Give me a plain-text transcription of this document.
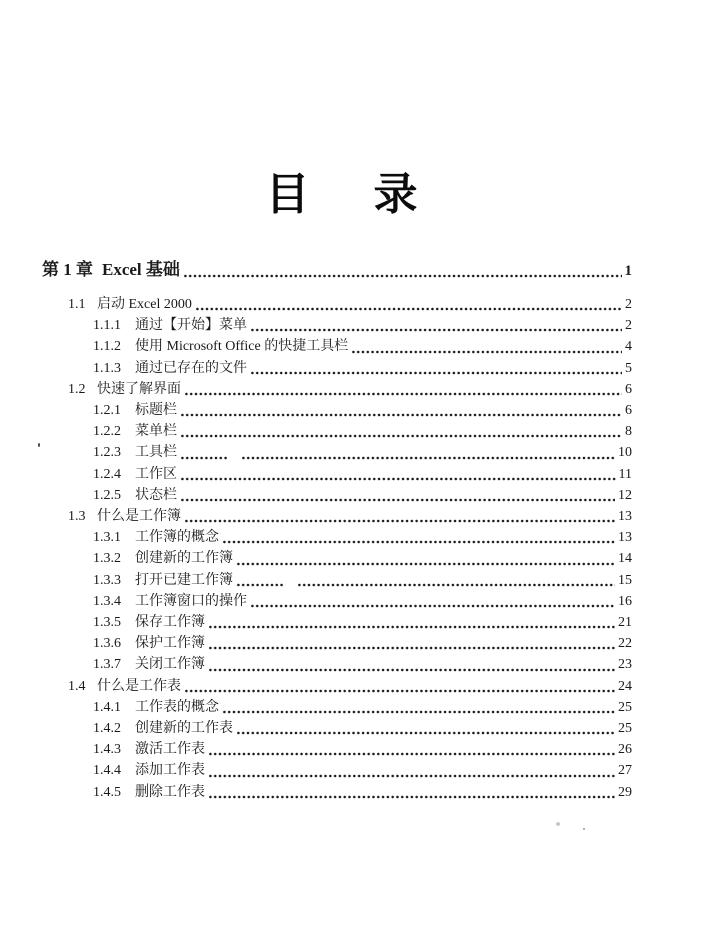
目 录
第 1 章 Excel 基础	1
1.1 启动 Excel 2000	2
1.1.1	通过【开始】菜单	2
1.1.2	使用 Microsoft Office 的快捷工具栏	4
1.1.3	通过已存在的文件	5
1.2 快速了解界面	6
1.2.1	标题栏	6
1.2.2	菜单栏	8
1.2.3	工具栏	10
1.2.4	工作区	11
1.2.5	状态栏	12
1.3 什么是工作簿	13
1.3.1	工作簿的概念	13
1.3.2	创建新的工作簿	14
1.3.3	打开已建工作簿	15
1.3.4	工作簿窗口的操作	16
1.3.5	保存工作簿	21
1.3.6	保护工作簿	22
1.3.7	关闭工作簿	23
1.4 什么是工作表	24
1.4.1	工作表的概念	25
1.4.2	创建新的工作表	25
1.4.3	激活工作表	26
1.4.4	添加工作表	27
1.4.5	删除工作表	29
